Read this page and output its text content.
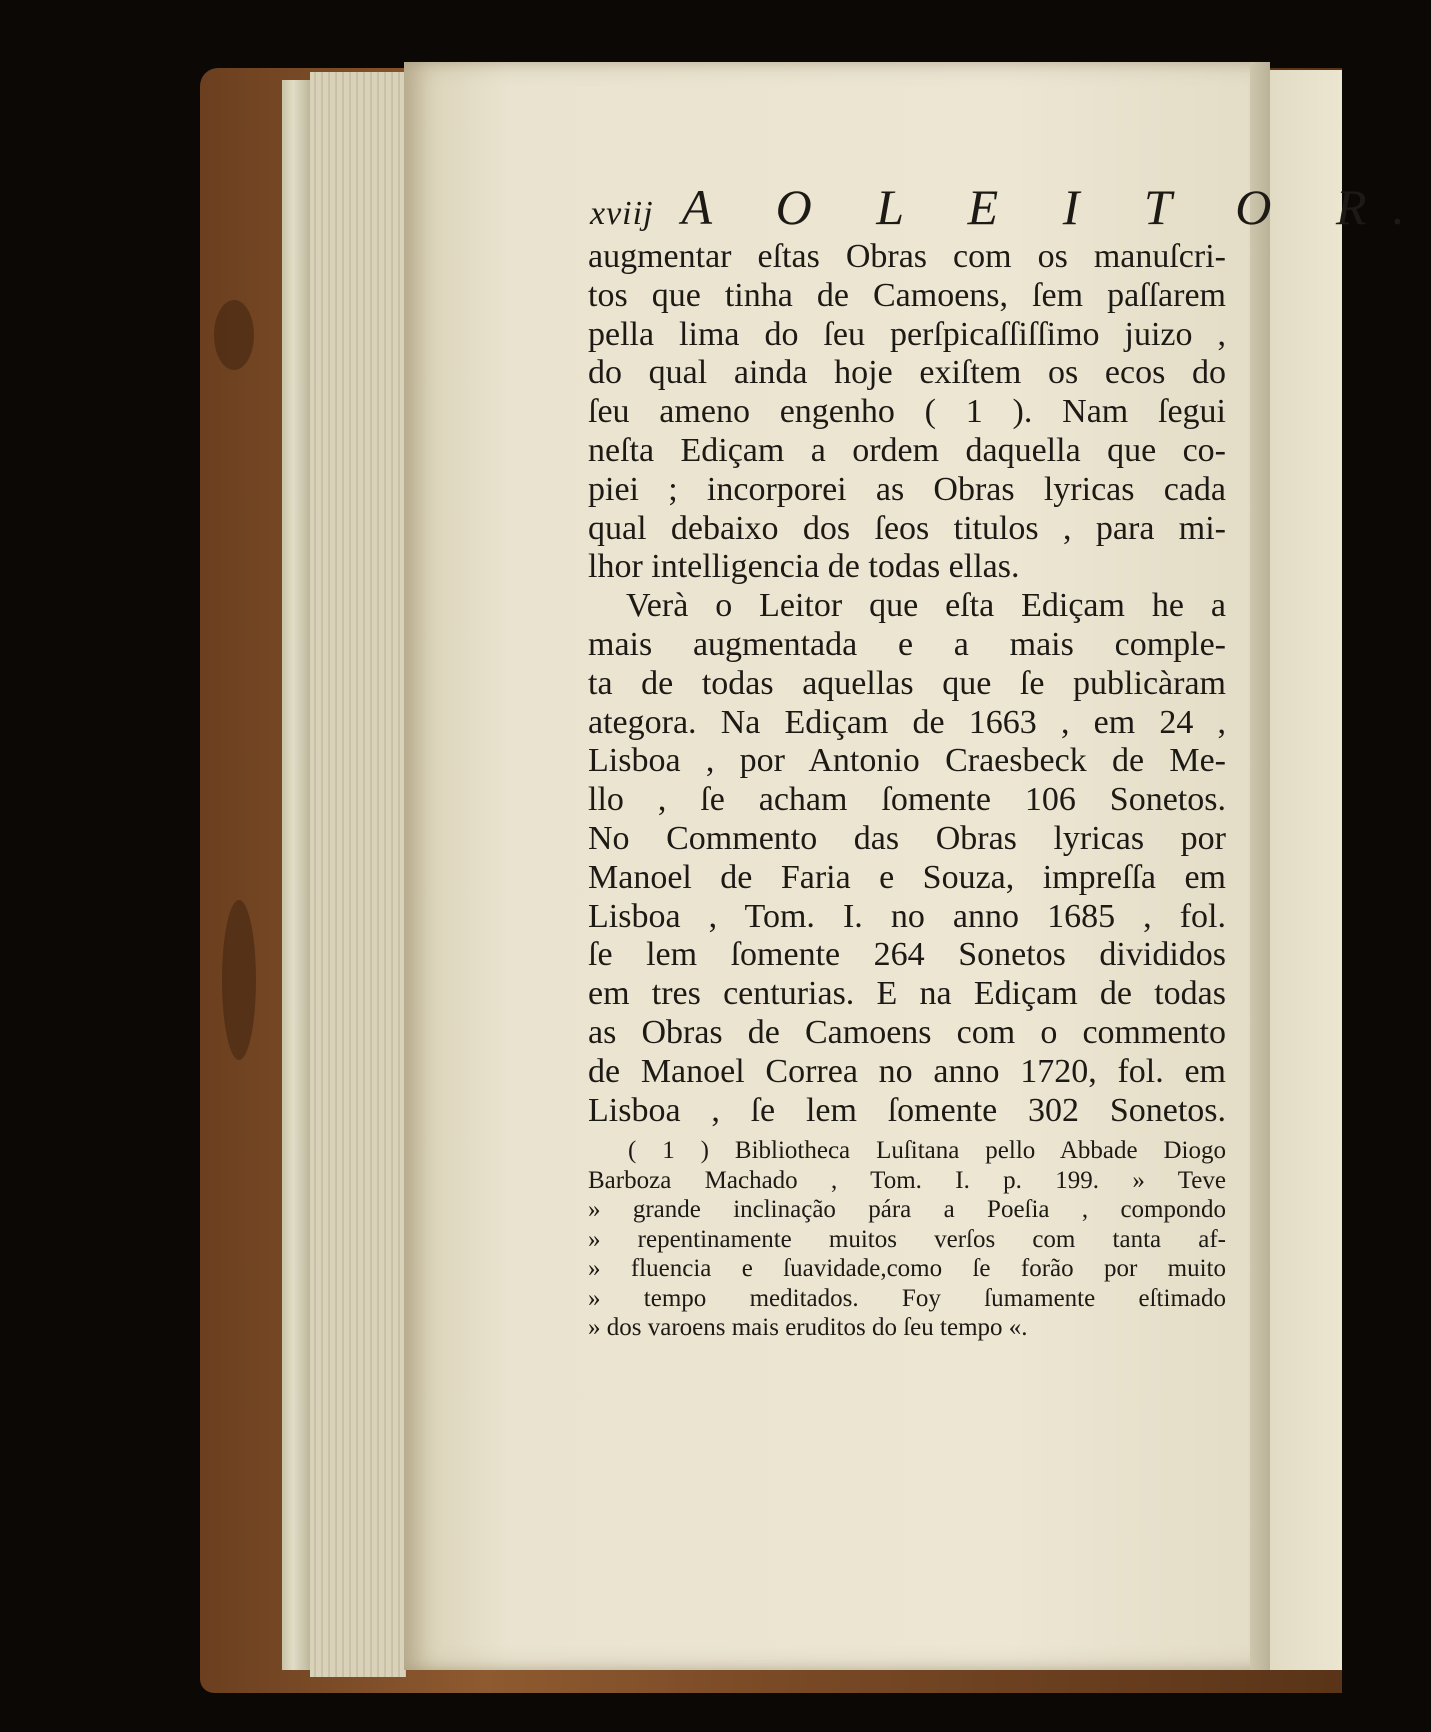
xviij A O L E I T O R.
augmentar eſtas Obras com os manuſcri-
tos que tinha de Camoens, ſem paſſarem
pella lima do ſeu perſpicaſſiſſimo juizo ,
do qual ainda hoje exiſtem os ecos do
ſeu ameno engenho ( 1 ). Nam ſegui
neſta Ediçam a ordem daquella que co-
piei ; incorporei as Obras lyricas cada
qual debaixo dos ſeos titulos , para mi-
lhor intelligencia de todas ellas.
Verà o Leitor que eſta Ediçam he a
mais augmentada e a mais comple-
ta de todas aquellas que ſe publicàram
ategora. Na Ediçam de 1663 , em 24 ,
Lisboa , por Antonio Craesbeck de Me-
llo , ſe acham ſomente 106 Sonetos.
No Commento das Obras lyricas por
Manoel de Faria e Souza, impreſſa em
Lisboa , Tom. I. no anno 1685 , fol.
ſe lem ſomente 264 Sonetos divididos
em tres centurias. E na Ediçam de todas
as Obras de Camoens com o commento
de Manoel Correa no anno 1720, fol. em
Lisboa , ſe lem ſomente 302 Sonetos.
( 1 ) Bibliotheca Luſitana pello Abbade Diogo
Barboza Machado , Tom. I. p. 199. » Teve
» grande inclinação pára a Poeſia , compondo
» repentinamente muitos verſos com tanta af-
» fluencia e ſuavidade,como ſe forão por muito
» tempo meditados. Foy ſumamente eſtimado
» dos varoens mais eruditos do ſeu tempo «.
